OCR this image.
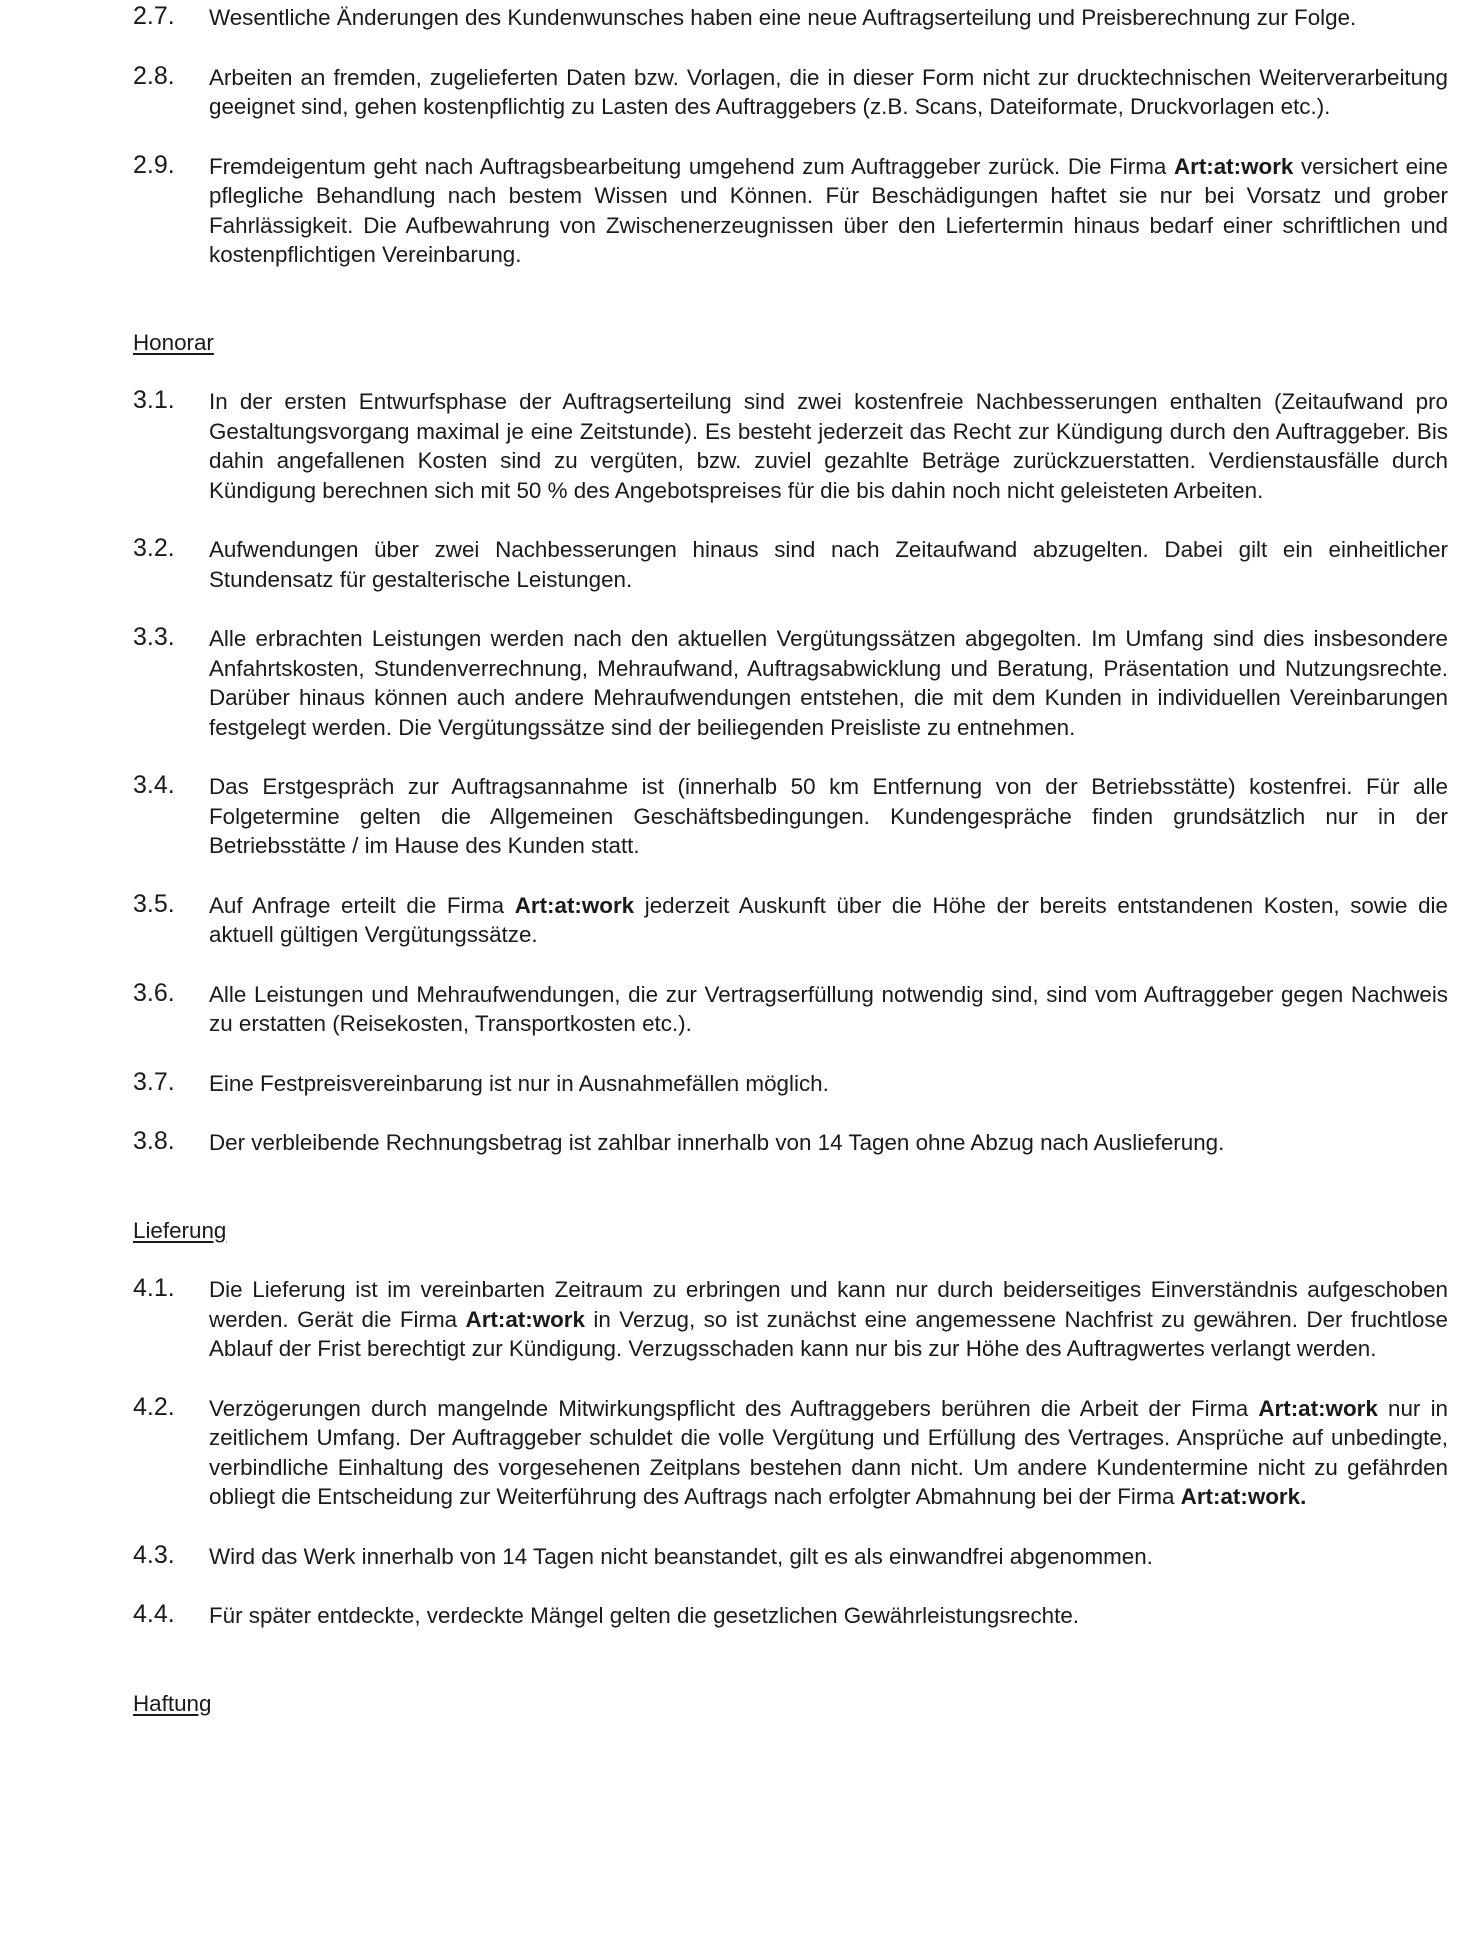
2.7. Wesentliche Änderungen des Kundenwunsches haben eine neue Auftragserteilung und Preisberechnung zur Folge.

2.8. Arbeiten an fremden, zugelieferten Daten bzw. Vorlagen, die in dieser Form nicht zur drucktechnischen Weiterverarbeitung geeignet sind, gehen kostenpflichtig zu Lasten des Auftraggebers (z.B. Scans, Dateiformate, Druckvorlagen etc.).

2.9. Fremdeigentum geht nach Auftragsbearbeitung umgehend zum Auftraggeber zurück. Die Firma Art:at:work versichert eine pflegliche Behandlung nach bestem Wissen und Können. Für Beschädigungen haftet sie nur bei Vorsatz und grober Fahrlässigkeit. Die Aufbewahrung von Zwischenerzeugnissen über den Liefertermin hinaus bedarf einer schriftlichen und kostenpflichtigen Vereinbarung.

Honorar

3.1. In der ersten Entwurfsphase der Auftragserteilung sind zwei kostenfreie Nachbesserungen enthalten (Zeitaufwand pro Gestaltungsvorgang maximal je eine Zeitstunde). Es besteht jederzeit das Recht zur Kündigung durch den Auftraggeber. Bis dahin angefallenen Kosten sind zu vergüten, bzw. zuviel gezahlte Beträge zurückzuerstatten. Verdienstausfälle durch Kündigung berechnen sich mit 50 % des Angebotspreises für die bis dahin noch nicht geleisteten Arbeiten.

3.2. Aufwendungen über zwei Nachbesserungen hinaus sind nach Zeitaufwand abzugelten. Dabei gilt ein einheitlicher Stundensatz für gestalterische Leistungen.

3.3. Alle erbrachten Leistungen werden nach den aktuellen Vergütungssätzen abgegolten. Im Umfang sind dies insbesondere Anfahrtskosten, Stundenverrechnung, Mehraufwand, Auftragsabwicklung und Beratung, Präsentation und Nutzungsrechte. Darüber hinaus können auch andere Mehraufwendungen entstehen, die mit dem Kunden in individuellen Vereinbarungen festgelegt werden. Die Vergütungssätze sind der beiliegenden Preisliste zu entnehmen.

3.4. Das Erstgespräch zur Auftragsannahme ist (innerhalb 50 km Entfernung von der Betriebsstätte) kostenfrei. Für alle Folgetermine gelten die Allgemeinen Geschäftsbedingungen. Kundengespräche finden grundsätzlich nur in der Betriebsstätte / im Hause des Kunden statt.

3.5. Auf Anfrage erteilt die Firma Art:at:work jederzeit Auskunft über die Höhe der bereits entstandenen Kosten, sowie die aktuell gültigen Vergütungssätze.

3.6. Alle Leistungen und Mehraufwendungen, die zur Vertragserfüllung notwendig sind, sind vom Auftraggeber gegen Nachweis zu erstatten (Reisekosten, Transportkosten etc.).

3.7. Eine Festpreisvereinbarung ist nur in Ausnahmefällen möglich.

3.8. Der verbleibende Rechnungsbetrag ist zahlbar innerhalb von 14 Tagen ohne Abzug nach Auslieferung.

Lieferung

4.1. Die Lieferung ist im vereinbarten Zeitraum zu erbringen und kann nur durch beiderseitiges Einverständnis aufgeschoben werden. Gerät die Firma Art:at:work in Verzug, so ist zunächst eine angemessene Nachfrist zu gewähren. Der fruchtlose Ablauf der Frist berechtigt zur Kündigung. Verzugsschaden kann nur bis zur Höhe des Auftragwertes verlangt werden.

4.2. Verzögerungen durch mangelnde Mitwirkungspflicht des Auftraggebers berühren die Arbeit der Firma Art:at:work nur in zeitlichem Umfang. Der Auftraggeber schuldet die volle Vergütung und Erfüllung des Vertrages. Ansprüche auf unbedingte, verbindliche Einhaltung des vorgesehenen Zeitplans bestehen dann nicht. Um andere Kundentermine nicht zu gefährden obliegt die Entscheidung zur Weiterführung des Auftrags nach erfolgter Abmahnung bei der Firma Art:at:work.

4.3. Wird das Werk innerhalb von 14 Tagen nicht beanstandet, gilt es als einwandfrei abgenommen.

4.4. Für später entdeckte, verdeckte Mängel gelten die gesetzlichen Gewährleistungsrechte.

Haftung
